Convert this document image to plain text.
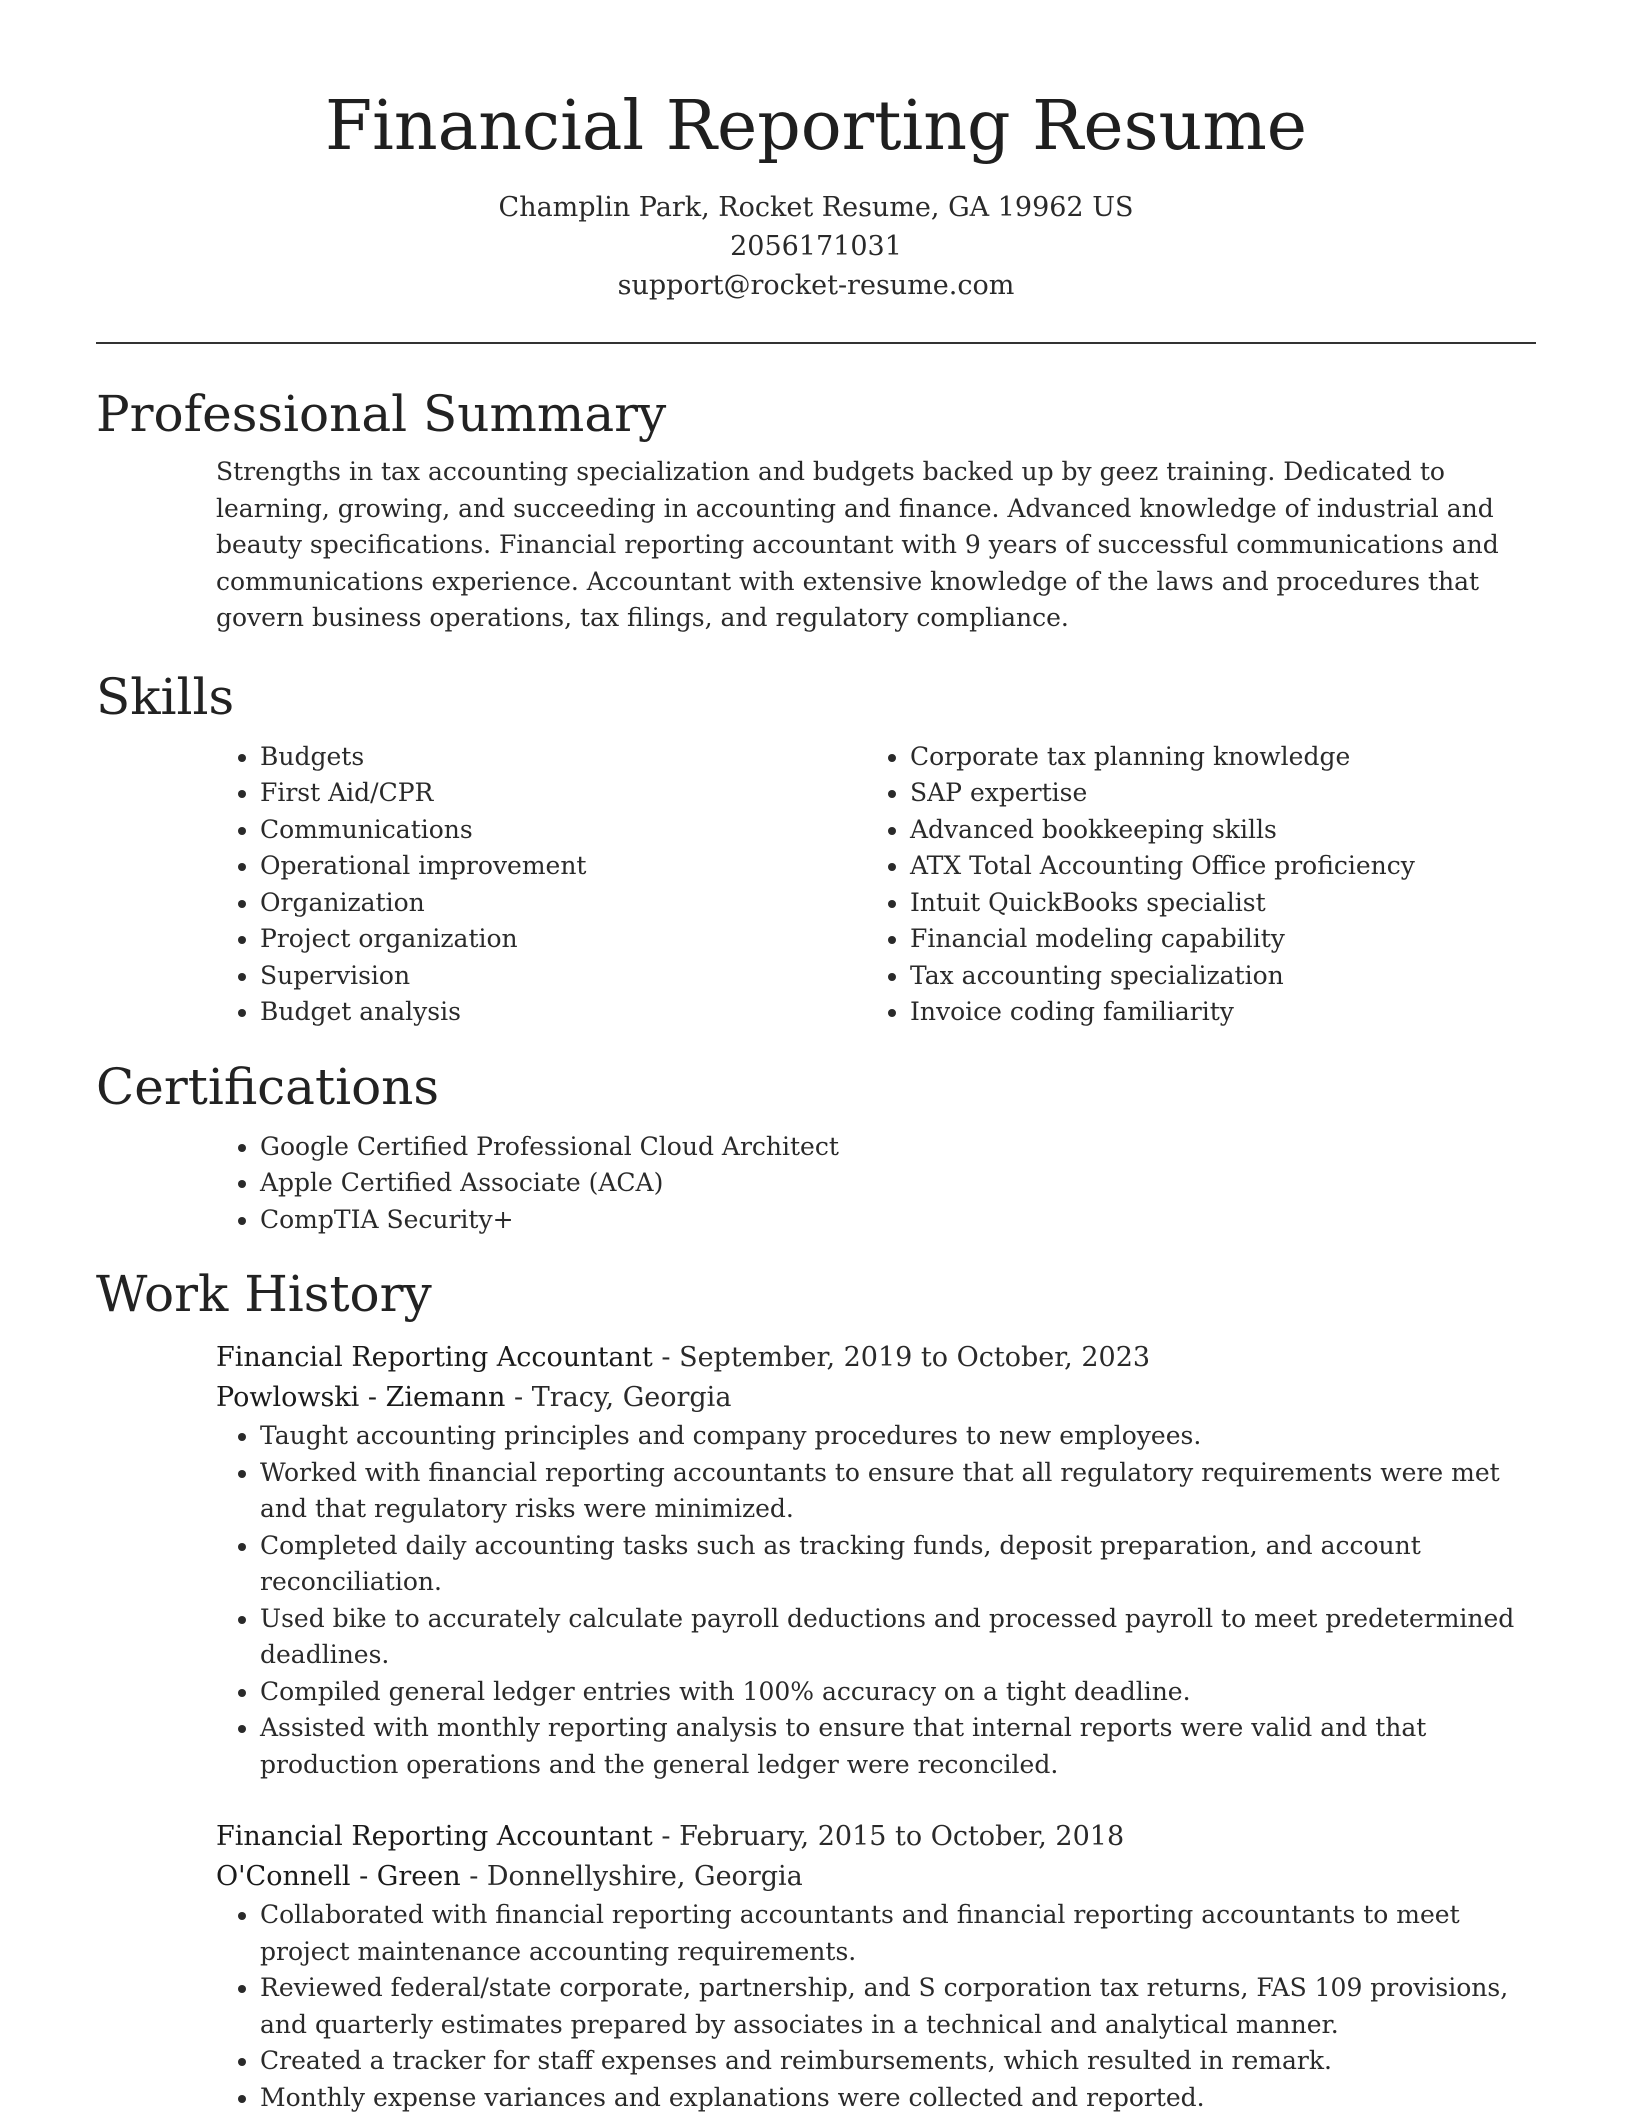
Financial Reporting Resume
Champlin Park, Rocket Resume, GA 19962 US
2056171031
support@rocket-resume.com
Professional Summary

Strengths in tax accounting specialization and budgets backed up by geez training. Dedicated to learning, growing, and succeeding in accounting and finance. Advanced knowledge of industrial and beauty specifications. Financial reporting accountant with 9 years of successful communications and communications experience. Accountant with extensive knowledge of the laws and procedures that govern business operations, tax filings, and regulatory compliance.

Skills
• Budgets
• First Aid/CPR
• Communications
• Operational improvement
• Organization
• Project organization
• Supervision
• Budget analysis
• Corporate tax planning knowledge
• SAP expertise
• Advanced bookkeeping skills
• ATX Total Accounting Office proficiency
• Intuit QuickBooks specialist
• Financial modeling capability
• Tax accounting specialization
• Invoice coding familiarity
Certifications
• Google Certified Professional Cloud Architect
• Apple Certified Associate (ACA)
• CompTIA Security+
Work History
Financial Reporting Accountant - September, 2019 to October, 2023
Powlowski - Ziemann - Tracy, Georgia
• Taught accounting principles and company procedures to new employees.
• Worked with financial reporting accountants to ensure that all regulatory requirements were met and that regulatory risks were minimized.
• Completed daily accounting tasks such as tracking funds, deposit preparation, and account reconciliation.
• Used bike to accurately calculate payroll deductions and processed payroll to meet predetermined deadlines.
• Compiled general ledger entries with 100% accuracy on a tight deadline.
• Assisted with monthly reporting analysis to ensure that internal reports were valid and that production operations and the general ledger were reconciled.
Financial Reporting Accountant - February, 2015 to October, 2018
O'Connell - Green - Donnellyshire, Georgia
• Collaborated with financial reporting accountants and financial reporting accountants to meet project maintenance accounting requirements.
• Reviewed federal/state corporate, partnership, and S corporation tax returns, FAS 109 provisions, and quarterly estimates prepared by associates in a technical and analytical manner.
• Created a tracker for staff expenses and reimbursements, which resulted in remark.
• Monthly expense variances and explanations were collected and reported.
